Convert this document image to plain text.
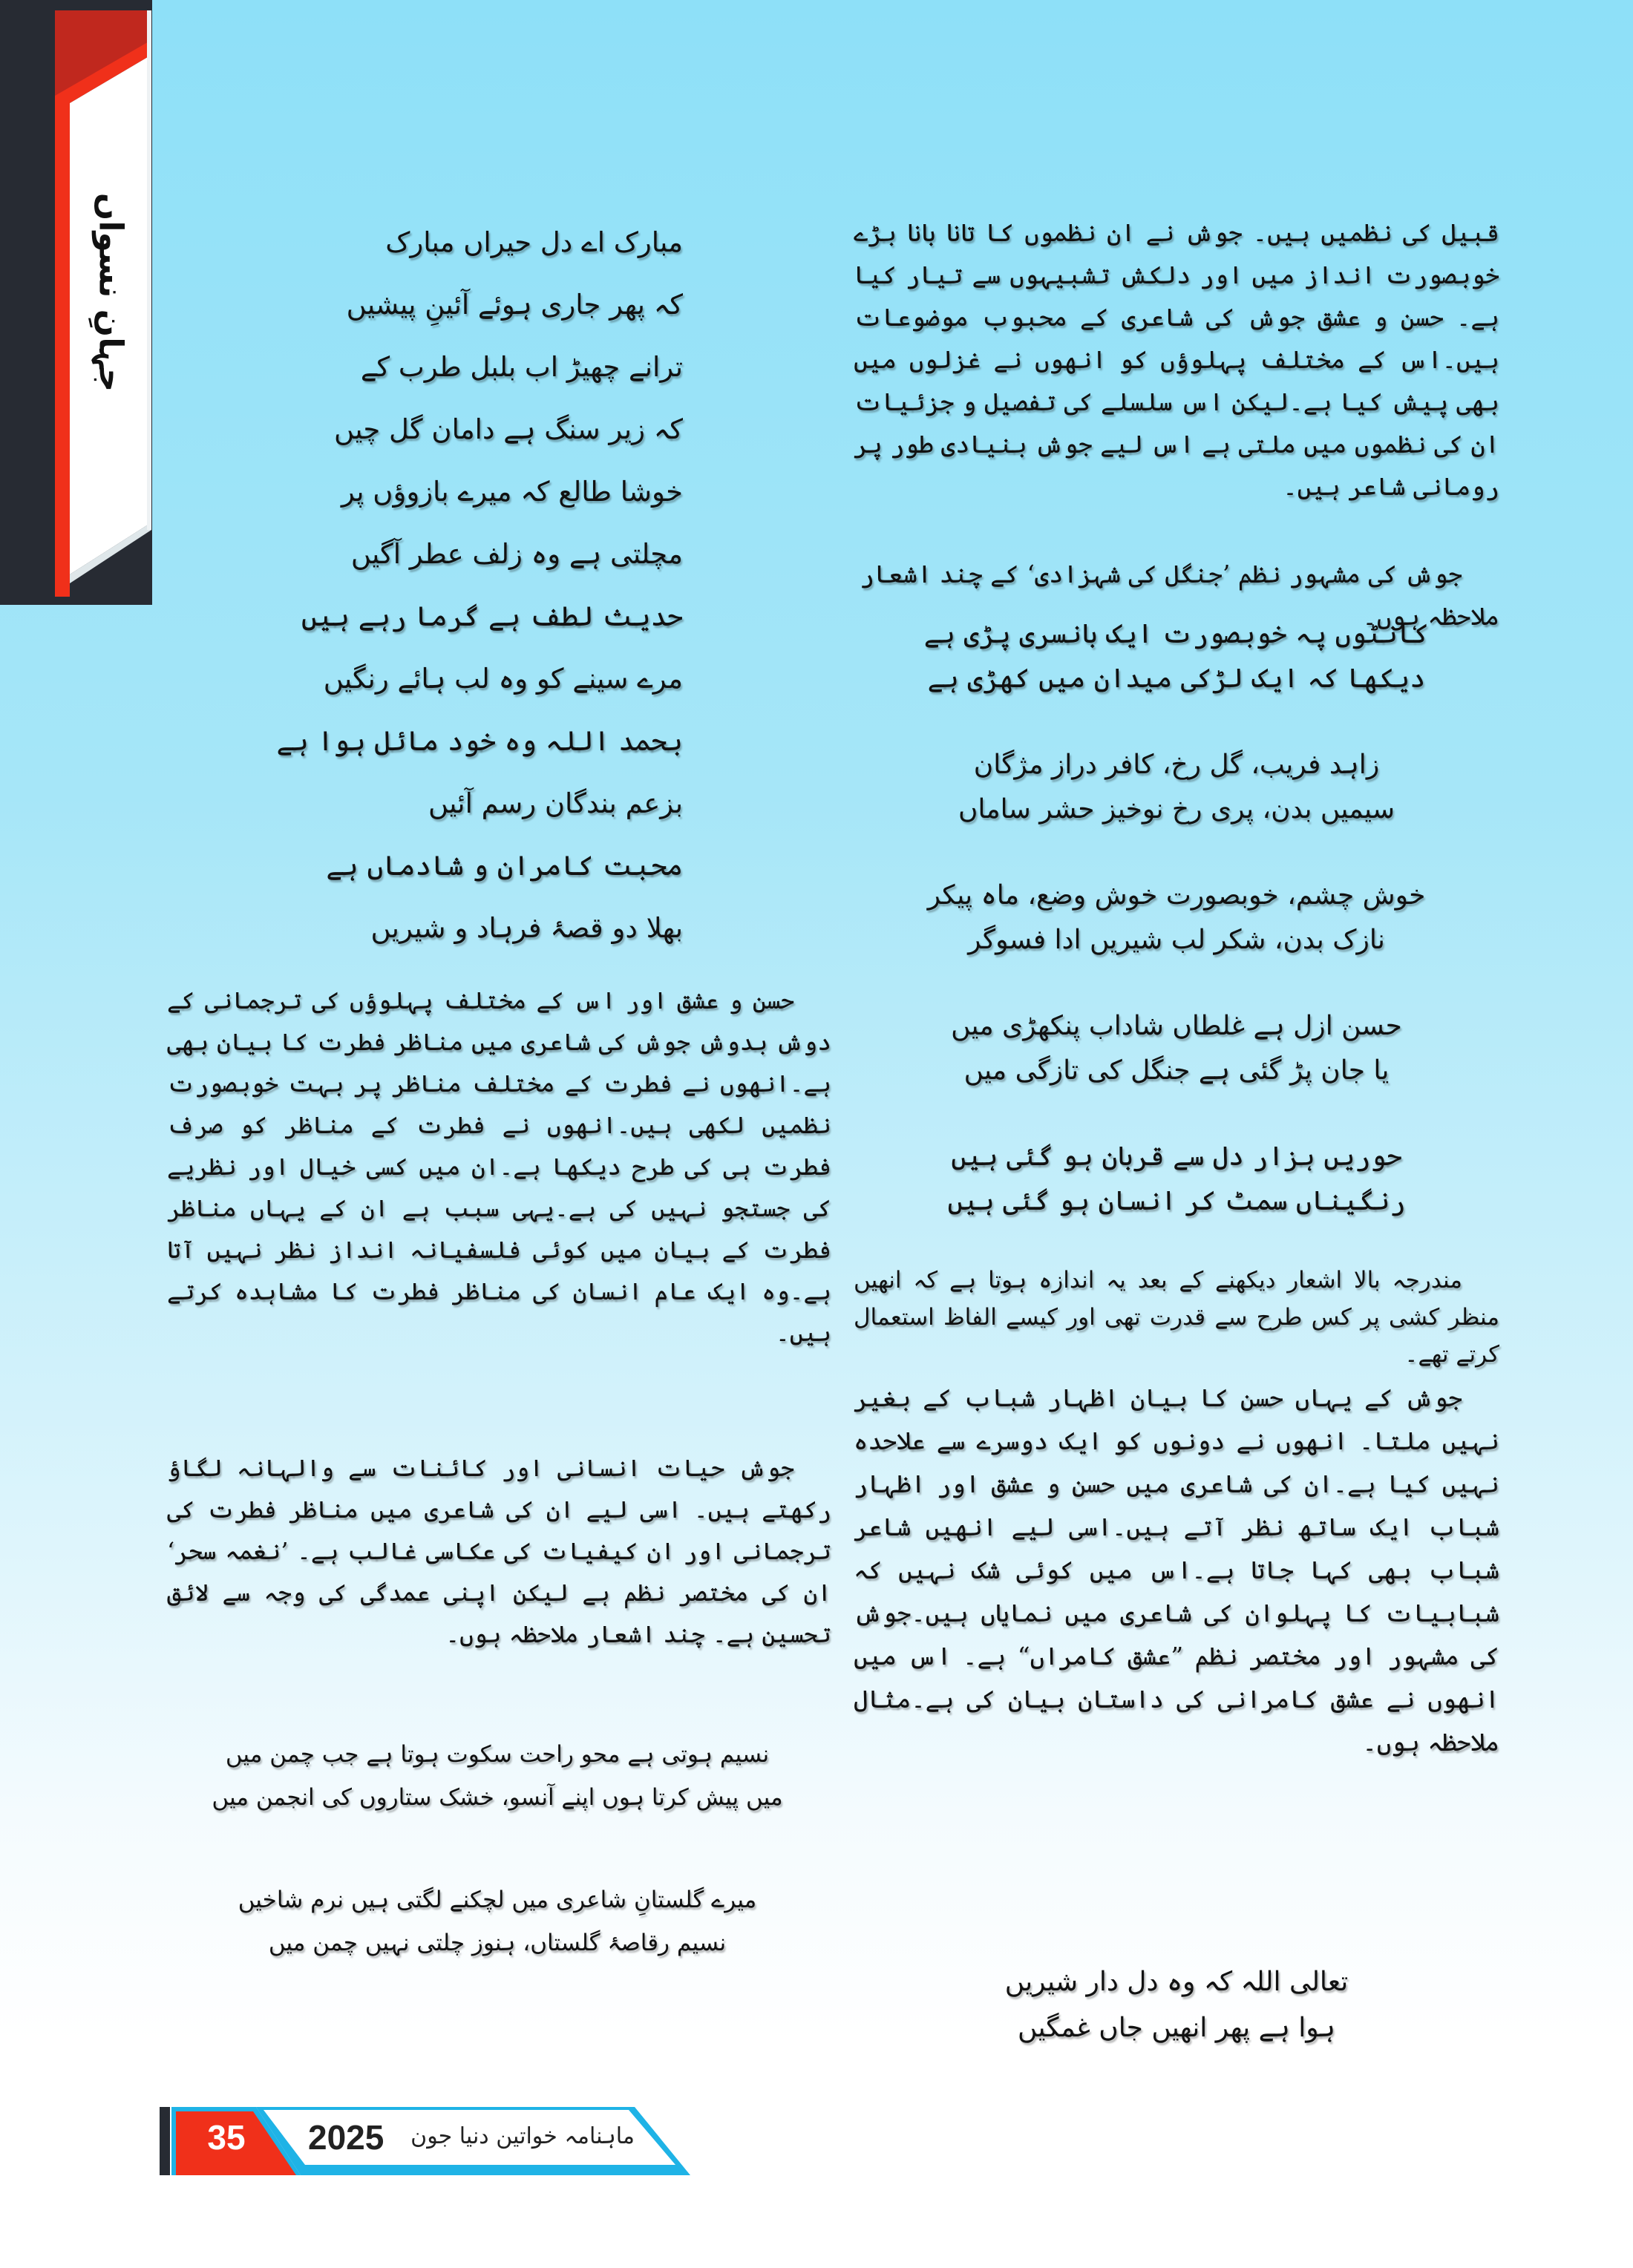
جہانِ نسواں	مبارک اے دل حیراں مبارک
کہ پھر جاری ہوئے آئینِ پیشیں
ترانے چھیڑ اب بلبل طرب کے
کہ زیر سنگ ہے دامان گل چیں
خوشا طالع کہ میرے بازوؤں پر
مچلتی ہے وہ زلف عطر آگیں
حدیث لطف ہے گرما رہے ہیں
مرے سینے کو وہ لب ہائے رنگیں
بحمد اللہ وہ خود مائل ہوا ہے
بزعم بندگان رسم آئیں
محبت کامران و شادماں ہے
بھلا دو قصۂ فرہاد و شیریں

قبیل کی نظمیں ہیں۔ جوش نے ان نظموں کا تانا بانا بڑے خوبصورت انداز میں اور دلکش تشبیہوں سے تیار کیا ہے۔ حسن و عشق جوش کی شاعری کے محبوب موضوعات ہیں۔اس کے مختلف پہلوؤں کو انھوں نے غزلوں میں بھی پیش کیا ہے۔لیکن اس سلسلے کی تفصیل و جزئیات ان کی نظموں میں ملتی ہے اس لیے جوش بنیادی طور پر رومانی شاعر ہیں۔

جوش کی مشہور نظم ’جنگل کی شہزادی‘ کے چند اشعار ملاحظہ ہوں۔

کانٹوں پہ خوبصورت ایک بانسری پڑی ہے

دیکھا کہ ایک لڑکی میدان میں کھڑی ہے

زاہد فریب، گل رخ، کافر دراز مژگان

سیمیں بدن، پری رخ نوخیز حشر ساماں

خوش چشم، خوبصورت خوش وضع، ماہ پیکر

نازک بدن، شکر لب شیریں ادا فسوگر

حسن ازل ہے غلطاں شاداب پنکھڑی میں

یا جان پڑ گئی ہے جنگل کی تازگی میں

حوریں ہزار دل سے قربان ہو گئی ہیں

رنگیناں سمٹ کر انسان ہو گئی ہیں

مندرجہ بالا اشعار دیکھنے کے بعد یہ اندازہ ہوتا ہے کہ انھیں منظر کشی پر کس طرح سے قدرت تھی اور کیسے الفاظ استعمال کرتے تھے۔

جوش کے یہاں حسن کا بیان اظہار شباب کے بغیر نہیں ملتا۔ انھوں نے دونوں کو ایک دوسرے سے علاحدہ نہیں کیا ہے۔ان کی شاعری میں حسن و عشق اور اظہار شباب ایک ساتھ نظر آتے ہیں۔اسی لیے انھیں شاعر شباب بھی کہا جاتا ہے۔اس میں کوئی شک نہیں کہ شبابیات کا پہلوان کی شاعری میں نمایاں ہیں۔جوش کی مشہور اور مختصر نظم ”عشق کامراں“ ہے۔ اس میں انھوں نے عشق کامرانی کی داستان بیان کی ہے۔مثال ملاحظہ ہوں۔

تعالی اللہ کہ وہ دل دار شیریں

ہوا ہے پھر انھیں جاں غمگیں

حسن و عشق اور اس کے مختلف پہلوؤں کی ترجمانی کے دوش بدوش جوش کی شاعری میں مناظر فطرت کا بیان بھی ہے۔انھوں نے فطرت کے مختلف مناظر پر بہت خوبصورت نظمیں لکھی ہیں۔انھوں نے فطرت کے مناظر کو صرف فطرت ہی کی طرح دیکھا ہے۔ان میں کسی خیال اور نظریے کی جستجو نہیں کی ہے۔یہی سبب ہے ان کے یہاں مناظر فطرت کے بیان میں کوئی فلسفیانہ انداز نظر نہیں آتا ہے۔وہ ایک عام انسان کی مناظر فطرت کا مشاہدہ کرتے ہیں۔

جوش حیات انسانی اور کائنات سے والہانہ لگاؤ رکھتے ہیں۔ اسی لیے ان کی شاعری میں مناظر فطرت کی ترجمانی اور ان کیفیات کی عکاسی غالب ہے۔ ’نغمہ سحر‘ ان کی مختصر نظم ہے لیکن اپنی عمدگی کی وجہ سے لائق تحسین ہے۔ چند اشعار ملاحظہ ہوں۔

نسیم ہوتی ہے محو راحت سکوت ہوتا ہے جب چمن میں

میں پیش کرتا ہوں اپنے آنسو، خشک ستاروں کی انجمن میں

میرے گلستانِ شاعری میں لچکنے لگتی ہیں نرم شاخیں

نسیم رقاصۂ گلستاں، ہنوز چلتی نہیں چمن میں

35	2025 ماہنامہ خواتین دنیا جون
